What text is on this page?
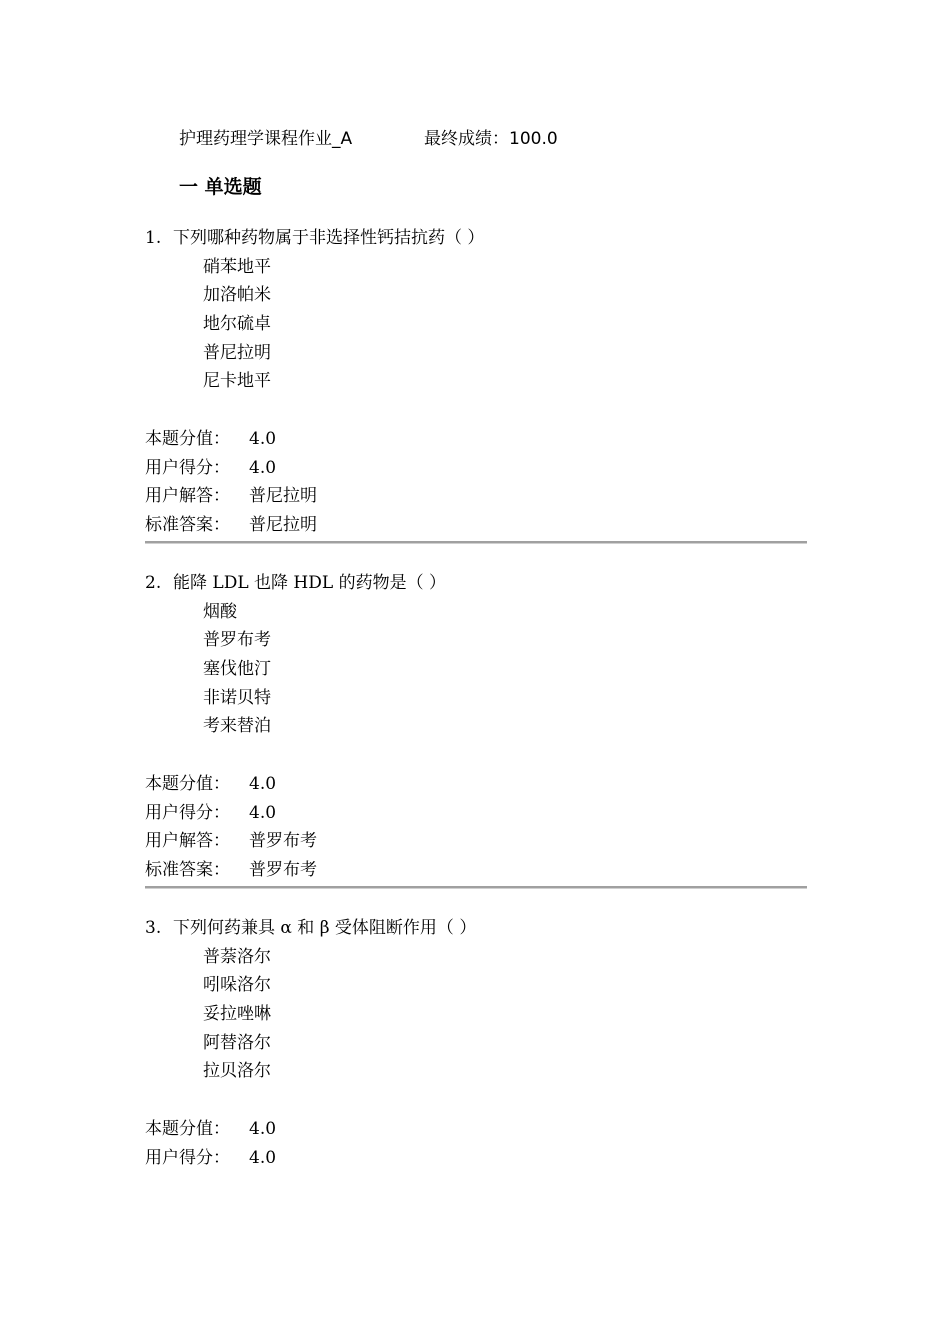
护理药理学课程作业_A	最终成绩：100.0
一 单选题
1. 下列哪种药物属于非选择性钙拮抗药（ ）
硝苯地平
加洛帕米
地尔硫卓
普尼拉明
尼卡地平
本题分值： 4.0
用户得分： 4.0
用户解答： 普尼拉明
标准答案： 普尼拉明
2. 能降 LDL 也降 HDL 的药物是（ ）
烟酸
普罗布考
塞伐他汀
非诺贝特
考来替泊
本题分值： 4.0
用户得分： 4.0
用户解答： 普罗布考
标准答案： 普罗布考
3. 下列何药兼具 α 和 β 受体阻断作用（ ）
普萘洛尔
吲哚洛尔
妥拉唑啉
阿替洛尔
拉贝洛尔
本题分值： 4.0
用户得分： 4.0
